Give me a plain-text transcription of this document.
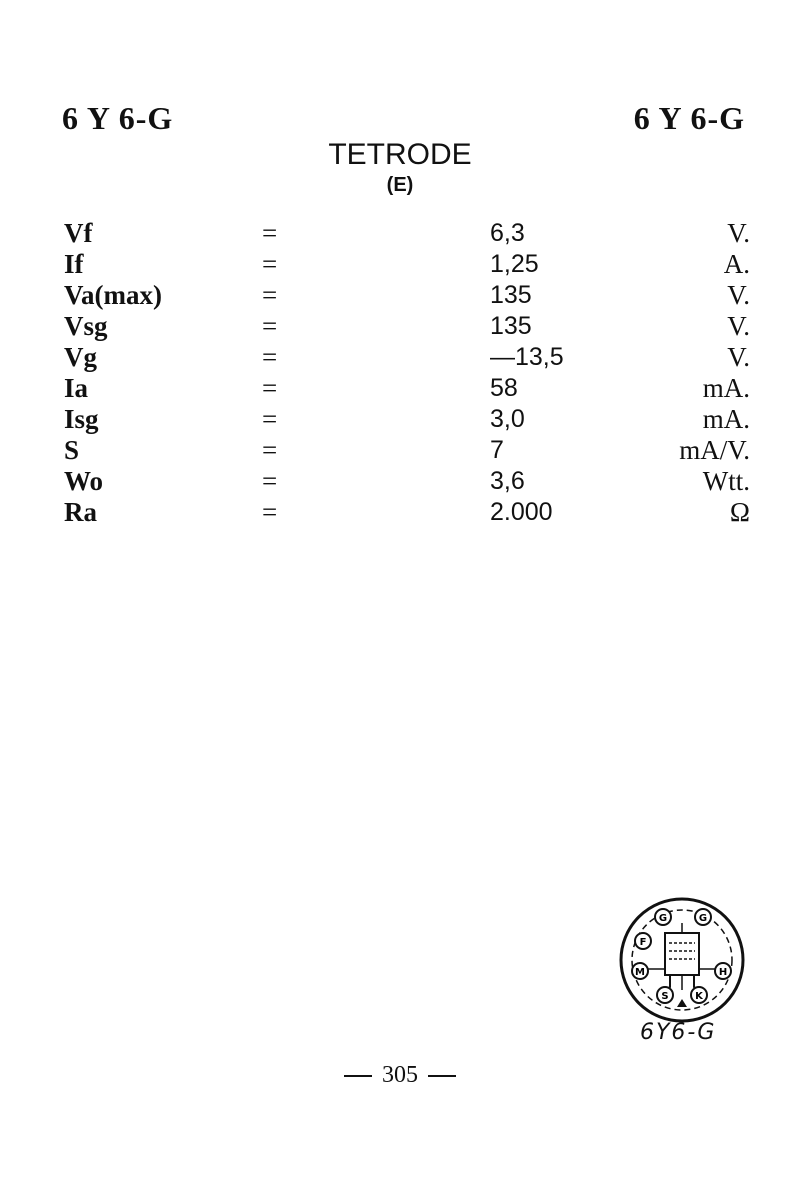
6 Y 6-G	6 Y 6-G
TETRODE
(E)
Vf	=	6,3	V.
If	=	1,25	A.
Va(max)	=	135	V.
Vsg	=	135	V.
Vg	=	—13,5	V.
Ia	=	58	mA.
Isg	=	3,0	mA.
S	=	7	mA/V.
Wo	=	3,6	Wtt.
Ra	=	2.000	Ω
G	G
F
M	H
S	K
6Y6-G
305
